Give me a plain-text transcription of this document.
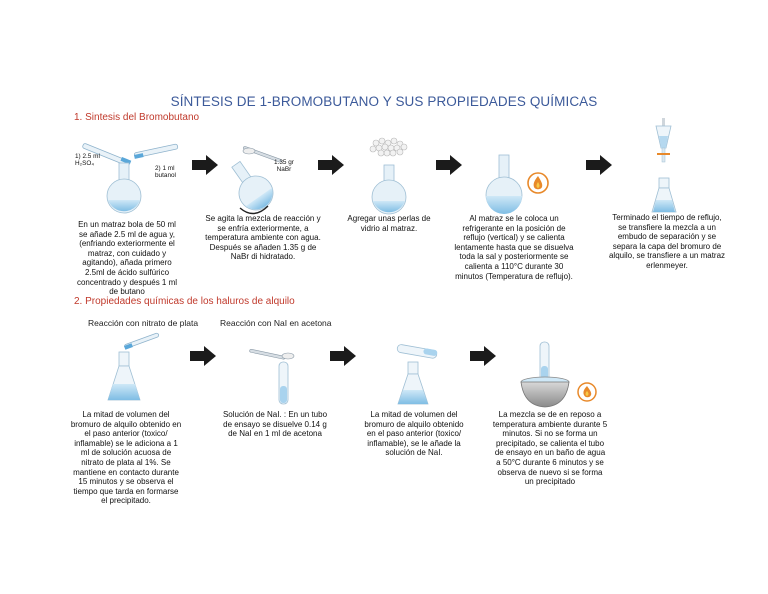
SÍNTESIS DE 1-BROMOBUTANO Y SUS PROPIEDADES QUÍMICAS
1. Sintesis del Bromobutano
1) 2.5 ml
H₂SO₄
2) 1 ml
butanol
1.35 gr
NaBr
En un matraz bola de 50 ml se añade 2.5 ml de agua y, (enfriando exteriormente el matraz, con cuidado y agitando), añada primero 2.5ml de ácido sulfúrico concentrado y después 1 ml de butano
Se agita la mezcla de reacción y se enfría exteriormente, a temperatura ambiente con agua. Después se añaden 1.35 g de NaBr di hidratado.
Agregar unas perlas de vidrio al matraz.
Al matraz se le coloca un refrigerante en la posición de reflujo (vertical) y se calienta lentamente hasta que se disuelva toda la sal y posteriormente se calienta a 110°C durante 30 minutos (Temperatura de reflujo).
Terminado el tiempo de reflujo, se transfiere la mezcla a un embudo de separación y se separa la capa del bromuro de alquilo, se transfiere a un matraz erlenmeyer.
2. Propiedades químicas de los haluros de alquilo
Reacción con nitrato de plata	Reacción con NaI en acetona
La mitad de volumen del bromuro de alquilo obtenido en el paso anterior (toxico/ inflamable) se le adiciona a 1 ml de solución acuosa de nitrato de plata al 1%. Se mantiene en contacto durante 15 minutos y se observa el tiempo que tarda en formarse el precipitado.
Solución de NaI. : En un tubo de ensayo se disuelve 0.14 g de NaI en 1 ml de acetona
La mitad de volumen del bromuro de alquilo obtenido en el paso anterior (toxico/ inflamable), se le añade la solución de NaI.
La mezcla se de en reposo a temperatura ambiente durante 5 minutos. Si no se forma un precipitado, se calienta el tubo de ensayo en un baño de agua a 50°C durante 6 minutos y se observa de nuevo si se forma un precipitado
